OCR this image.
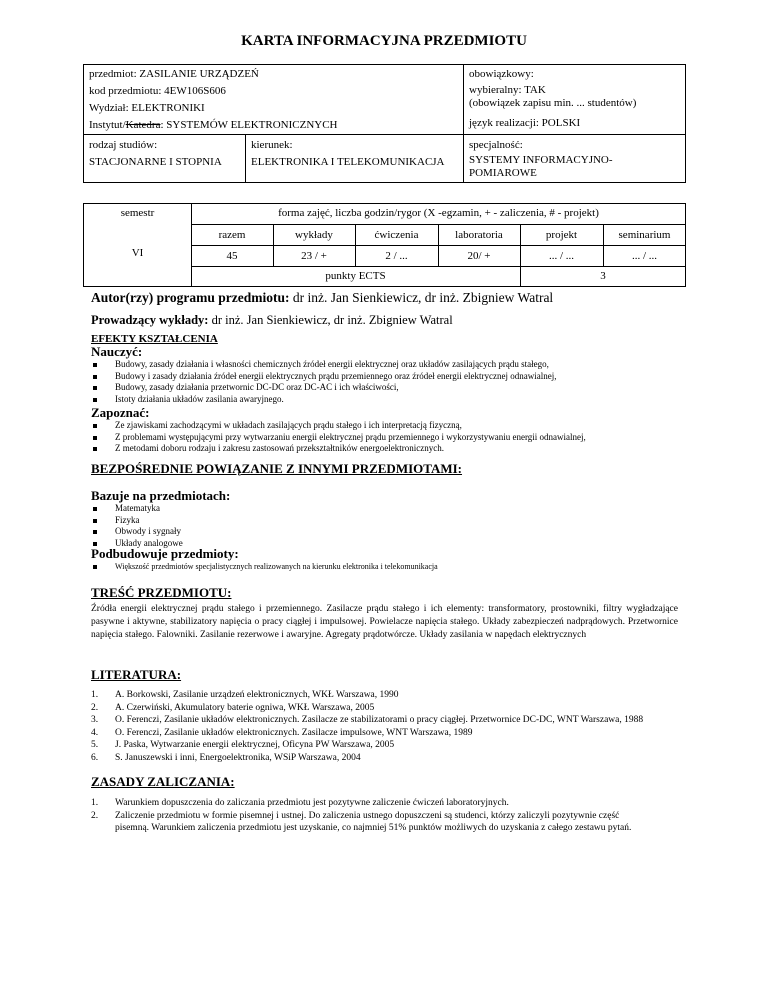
KARTA INFORMACYJNA PRZEDMIOTU
przedmiot: ZASILANIE URZĄDZEŃ
kod przedmiotu: 4EW106S606
Wydział: ELEKTRONIKI
Instytut/Katedra: SYSTEMÓW ELEKTRONICZNYCH
obowiązkowy:
wybieralny: TAK
(obowiązek zapisu min. ... studentów)
język realizacji: POLSKI
rodzaj studiów:
STACJONARNE I STOPNIA
kierunek:
ELEKTRONIKA I TELEKOMUNIKACJA
specjalność:
SYSTEMY INFORMACYJNO-POMIAROWE
semestr
VI
forma zajęć, liczba godzin/rygor (X -egzamin, + - zaliczenia, # - projekt)
razem	wykłady	ćwiczenia	laboratoria	projekt	seminarium
45	23 / +	2 / ...	20/ +	... / ...	... / ...
punkty ECTS	3
Autor(rzy) programu przedmiotu: dr inż. Jan Sienkiewicz, dr inż. Zbigniew Watral
Prowadzący wykłady: dr inż. Jan Sienkiewicz, dr inż. Zbigniew Watral
EFEKTY KSZTAŁCENIA
Nauczyć:
Budowy, zasady działania i własności chemicznych źródeł energii elektrycznej oraz układów zasilających prądu stałego,
Budowy i zasady działania źródeł energii elektrycznych prądu przemiennego oraz źródeł energii elektrycznej odnawialnej,
Budowy, zasady działania przetwornic DC-DC oraz DC-AC i ich właściwości,
Istoty działania układów zasilania awaryjnego.
Zapoznać:
Ze zjawiskami zachodzącymi w układach zasilających prądu stałego i ich interpretacją fizyczną,
Z problemami występującymi przy wytwarzaniu energii elektrycznej prądu przemiennego i wykorzystywaniu energii odnawialnej,
Z metodami doboru rodzaju i zakresu zastosowań przekształtników energoelektronicznych.
BEZPOŚREDNIE POWIĄZANIE Z INNYMI PRZEDMIOTAMI:
Bazuje na przedmiotach:
Matematyka
Fizyka
Obwody i sygnały
Układy analogowe
Podbudowuje przedmioty:
Większość przedmiotów specjalistycznych realizowanych na kierunku elektronika i telekomunikacja
TREŚĆ PRZEDMIOTU:
Źródła energii elektrycznej prądu stałego i przemiennego. Zasilacze prądu stałego i ich elementy: transformatory, prostowniki, filtry wygładzające pasywne i aktywne, stabilizatory napięcia o pracy ciągłej i impulsowej. Powielacze napięcia stałego. Układy zabezpieczeń nadprądowych. Przetwornice napięcia stałego. Falowniki. Zasilanie rezerwowe i awaryjne. Agregaty prądotwórcze. Układy zasilania w napędach elektrycznych
LITERATURA:
1. A. Borkowski, Zasilanie urządzeń elektronicznych, WKŁ Warszawa, 1990
2. A. Czerwiński, Akumulatory baterie ogniwa, WKŁ Warszawa, 2005
3. O. Ferenczi, Zasilanie układów elektronicznych. Zasilacze ze stabilizatorami o pracy ciągłej. Przetwornice DC-DC, WNT Warszawa, 1988
4. O. Ferenczi, Zasilanie układów elektronicznych. Zasilacze impulsowe, WNT Warszawa, 1989
5. J. Paska, Wytwarzanie energii elektrycznej, Oficyna PW Warszawa, 2005
6. S. Januszewski i inni, Energoelektronika, WSiP Warszawa, 2004
ZASADY ZALICZANIA:
1. Warunkiem dopuszczenia do zaliczania przedmiotu jest pozytywne zaliczenie ćwiczeń laboratoryjnych.
2. Zaliczenie przedmiotu w formie pisemnej i ustnej. Do zaliczenia ustnego dopuszczeni są studenci, którzy zaliczyli pozytywnie część pisemną. Warunkiem zaliczenia przedmiotu jest uzyskanie, co najmniej 51% punktów możliwych do uzyskania z całego zestawu pytań.
